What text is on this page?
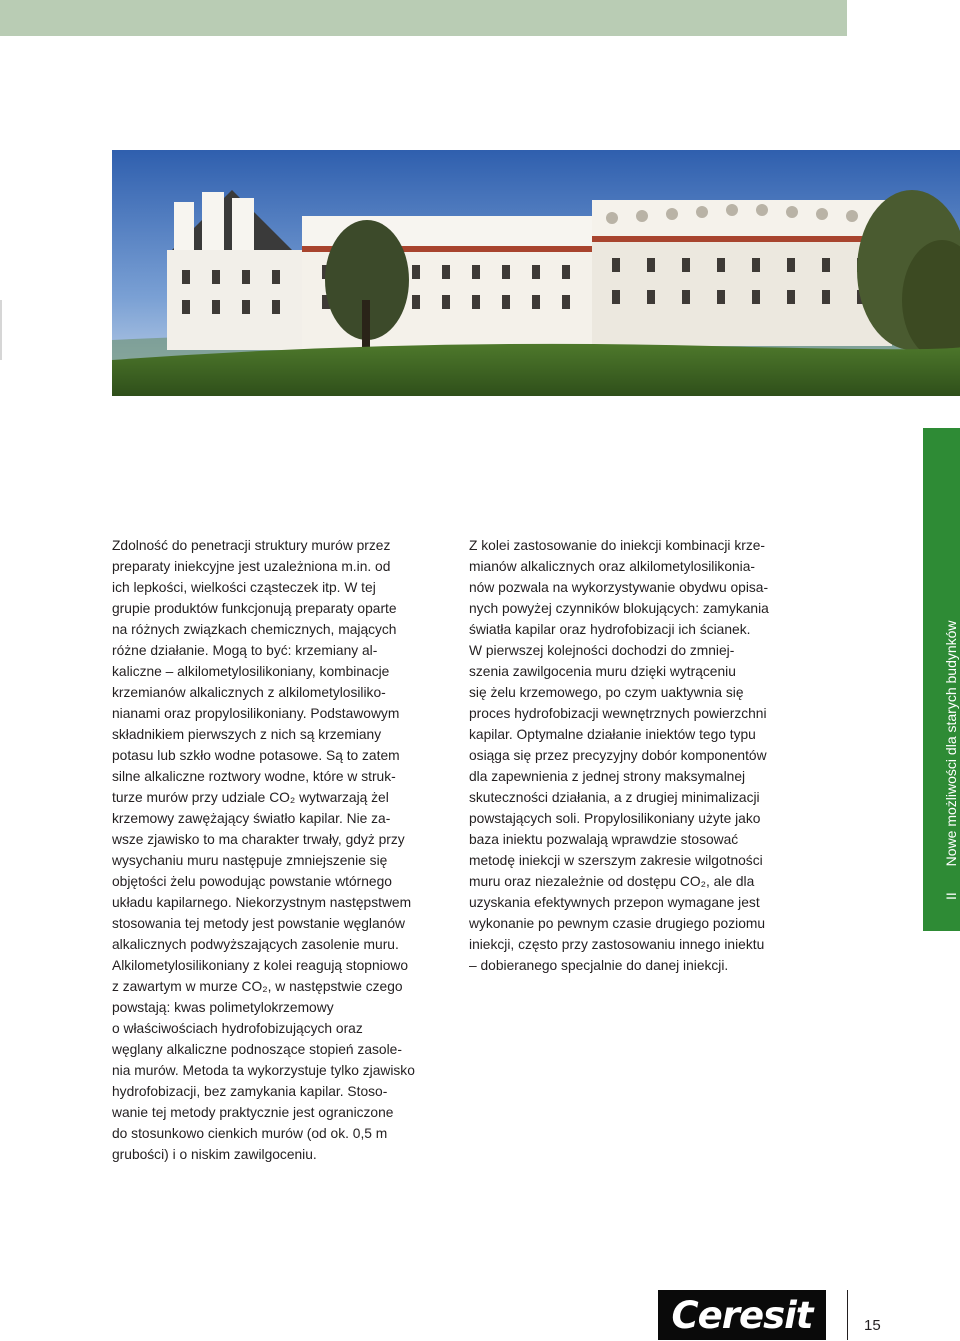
Zdolność do penetracji struktury murów przez
preparaty iniekcyjne jest uzależniona m.in. od
ich lepkości, wielkości cząsteczek itp. W tej
grupie produktów funkcjonują preparaty oparte
na różnych związkach chemicznych, mających
różne działanie. Mogą to być: krzemiany al-
kaliczne – alkilometylosilikoniany, kombinacje
krzemianów alkalicznych z alkilometylosiliko-
nianami oraz propylosilikoniany. Podstawowym
składnikiem pierwszych z nich są krzemiany
potasu lub szkło wodne potasowe. Są to zatem
silne alkaliczne roztwory wodne, które w struk-
turze murów przy udziale CO₂ wytwarzają żel
krzemowy zawężający światło kapilar. Nie za-
wsze zjawisko to ma charakter trwały, gdyż przy
wysychaniu muru następuje zmniejszenie się
objętości żelu powodując powstanie wtórnego
układu kapilarnego. Niekorzystnym następstwem
stosowania tej metody jest powstanie węglanów
alkalicznych podwyższających zasolenie muru.
Alkilometylosilikoniany z kolei reagują stopniowo
z zawartym w murze CO₂, w następstwie czego
powstają: kwas polimetylokrzemowy
o właściwościach hydrofobizujących oraz
węglany alkaliczne podnoszące stopień zasole-
nia murów. Metoda ta wykorzystuje tylko zjawisko
hydrofobizacji, bez zamykania kapilar. Stoso-
wanie tej metody praktycznie jest ograniczone
do stosunkowo cienkich murów (od ok. 0,5 m
grubości) i o niskim zawilgoceniu.
Z kolei zastosowanie do iniekcji kombinacji krze-
mianów alkalicznych oraz alkilometylosilikonia-
nów pozwala na wykorzystywanie obydwu opisa-
nych powyżej czynników blokujących: zamykania
światła kapilar oraz hydrofobizacji ich ścianek.
W pierwszej kolejności dochodzi do zmniej-
szenia zawilgocenia muru dzięki wytrąceniu
się żelu krzemowego, po czym uaktywnia się
proces hydrofobizacji wewnętrznych powierzchni
kapilar. Optymalne działanie iniektów tego typu
osiąga się przez precyzyjny dobór komponentów
dla zapewnienia z jednej strony maksymalnej
skuteczności działania, a z drugiej minimalizacji
powstających soli. Propylosilikoniany użyte jako
baza iniektu pozwalają wprawdzie stosować
metodę iniekcji w szerszym zakresie wilgotności
muru oraz niezależnie od dostępu CO₂, ale dla
uzyskania efektywnych przepon wymagane jest
wykonanie po pewnym czasie drugiego poziomu
iniekcji, często przy zastosowaniu innego iniektu
– dobieranego specjalnie do danej iniekcji.
II Nowe możliwości dla starych budynków
Ceresit	15
